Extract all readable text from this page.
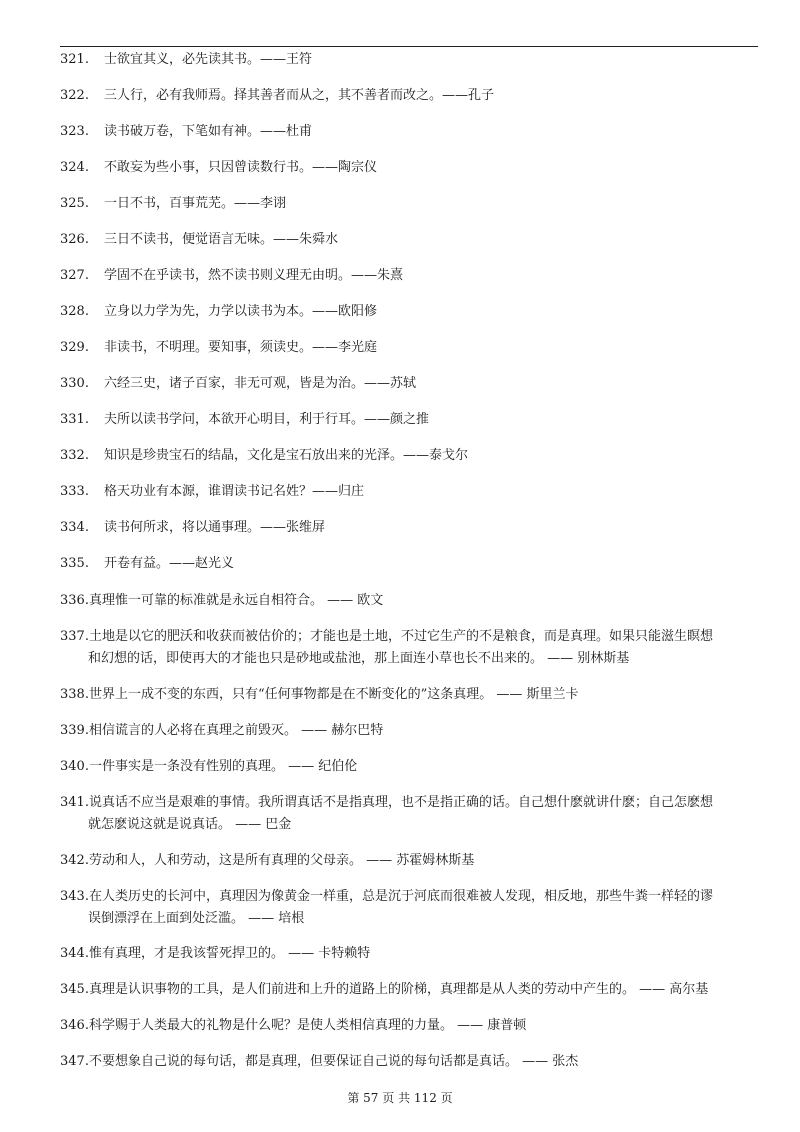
321. 士欲宜其义，必先读其书。——王符
322. 三人行，必有我师焉。择其善者而从之，其不善者而改之。——孔子
323. 读书破万卷，下笔如有神。——杜甫
324. 不敢妄为些小事，只因曾读数行书。——陶宗仪
325. 一日不书，百事荒芜。——李诩
326. 三日不读书，便觉语言无味。——朱舜水
327. 学固不在乎读书，然不读书则义理无由明。——朱熹
328. 立身以力学为先，力学以读书为本。——欧阳修
329. 非读书，不明理。要知事，须读史。——李光庭
330. 六经三史，诸子百家，非无可观，皆是为治。——苏轼
331. 夫所以读书学问，本欲开心明目，利于行耳。——颜之推
332. 知识是珍贵宝石的结晶，文化是宝石放出来的光泽。——泰戈尔
333. 格天功业有本源，谁谓读书记名姓？——归庄
334. 读书何所求，将以通事理。——张维屏
335. 开卷有益。——赵光义
336.真理惟一可靠的标准就是永远自相符合。 —— 欧文
337.土地是以它的肥沃和收获而被估价的；才能也是土地，不过它生产的不是粮食，而是真理。如果只能滋生瞑想
和幻想的话，即使再大的才能也只是砂地或盐池，那上面连小草也长不出来的。 —— 别林斯基
338.世界上一成不变的东西，只有“任何事物都是在不断变化的”这条真理。 —— 斯里兰卡
339.相信谎言的人必将在真理之前毁灭。 —— 赫尔巴特
340.一件事实是一条没有性别的真理。 —— 纪伯伦
341.说真话不应当是艰难的事情。我所谓真话不是指真理，也不是指正确的话。自己想什麽就讲什麽；自己怎麽想
就怎麽说这就是说真话。 —— 巴金
342.劳动和人，人和劳动，这是所有真理的父母亲。 —— 苏霍姆林斯基
343.在人类历史的长河中，真理因为像黄金一样重，总是沉于河底而很难被人发现，相反地，那些牛粪一样轻的谬
误倒漂浮在上面到处泛滥。 —— 培根
344.惟有真理，才是我该誓死捍卫的。 —— 卡特赖特
345.真理是认识事物的工具，是人们前进和上升的道路上的阶梯，真理都是从人类的劳动中产生的。 —— 高尔基
346.科学赐于人类最大的礼物是什么呢？是使人类相信真理的力量。 —— 康普顿
347.不要想象自己说的每句话，都是真理，但要保证自己说的每句话都是真话。 —— 张杰
第 57 页 共 112 页
